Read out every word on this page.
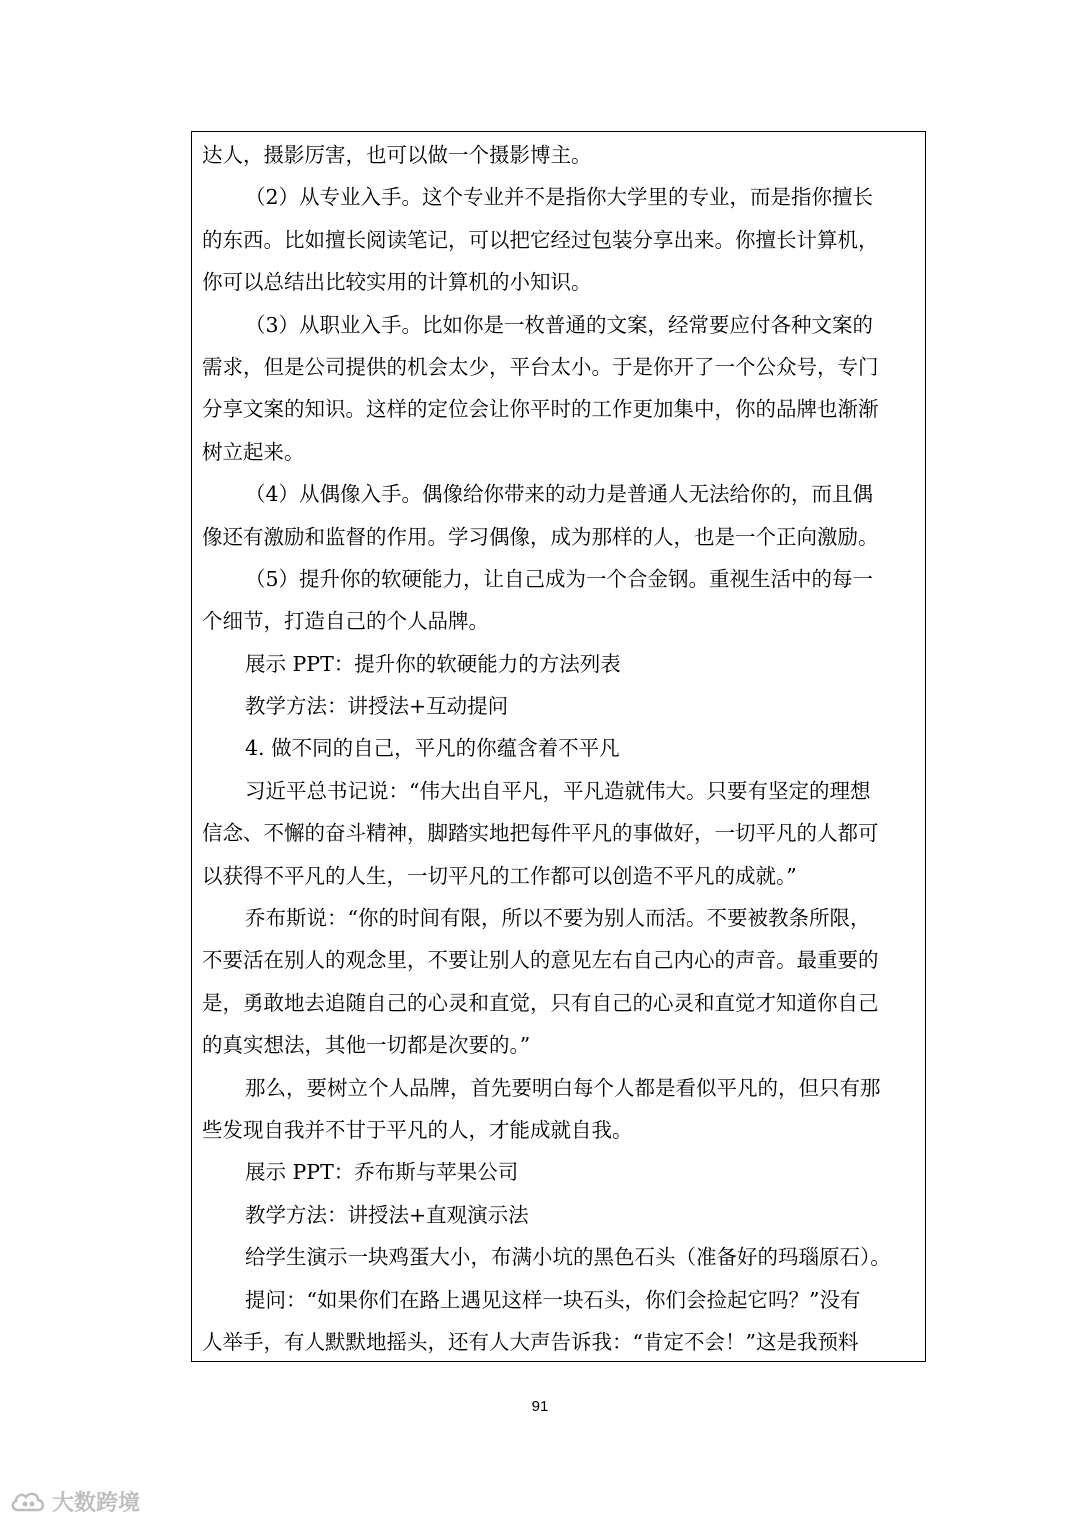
达人，摄影厉害，也可以做一个摄影博主。
（2）从专业入手。这个专业并不是指你大学里的专业，而是指你擅长
的东西。比如擅长阅读笔记，可以把它经过包装分享出来。你擅长计算机，
你可以总结出比较实用的计算机的小知识。
（3）从职业入手。比如你是一枚普通的文案，经常要应付各种文案的
需求，但是公司提供的机会太少，平台太小。于是你开了一个公众号，专门
分享文案的知识。这样的定位会让你平时的工作更加集中，你的品牌也渐渐
树立起来。
（4）从偶像入手。偶像给你带来的动力是普通人无法给你的，而且偶
像还有激励和监督的作用。学习偶像，成为那样的人，也是一个正向激励。
（5）提升你的软硬能力，让自己成为一个合金钢。重视生活中的每一
个细节，打造自己的个人品牌。
展示 PPT：提升你的软硬能力的方法列表
教学方法：讲授法+互动提问
4. 做不同的自己，平凡的你蕴含着不平凡
习近平总书记说：“伟大出自平凡，平凡造就伟大。只要有坚定的理想
信念、不懈的奋斗精神，脚踏实地把每件平凡的事做好，一切平凡的人都可
以获得不平凡的人生，一切平凡的工作都可以创造不平凡的成就。”
乔布斯说：“你的时间有限，所以不要为别人而活。不要被教条所限，
不要活在别人的观念里，不要让别人的意见左右自己内心的声音。最重要的
是，勇敢地去追随自己的心灵和直觉，只有自己的心灵和直觉才知道你自己
的真实想法，其他一切都是次要的。”
那么，要树立个人品牌，首先要明白每个人都是看似平凡的，但只有那
些发现自我并不甘于平凡的人，才能成就自我。
展示 PPT：乔布斯与苹果公司
教学方法：讲授法+直观演示法
给学生演示一块鸡蛋大小，布满小坑的黑色石头（准备好的玛瑙原石）。
提问：“如果你们在路上遇见这样一块石头，你们会捡起它吗？”没有
人举手，有人默默地摇头，还有人大声告诉我：“肯定不会！”这是我预料
91
大数跨境
